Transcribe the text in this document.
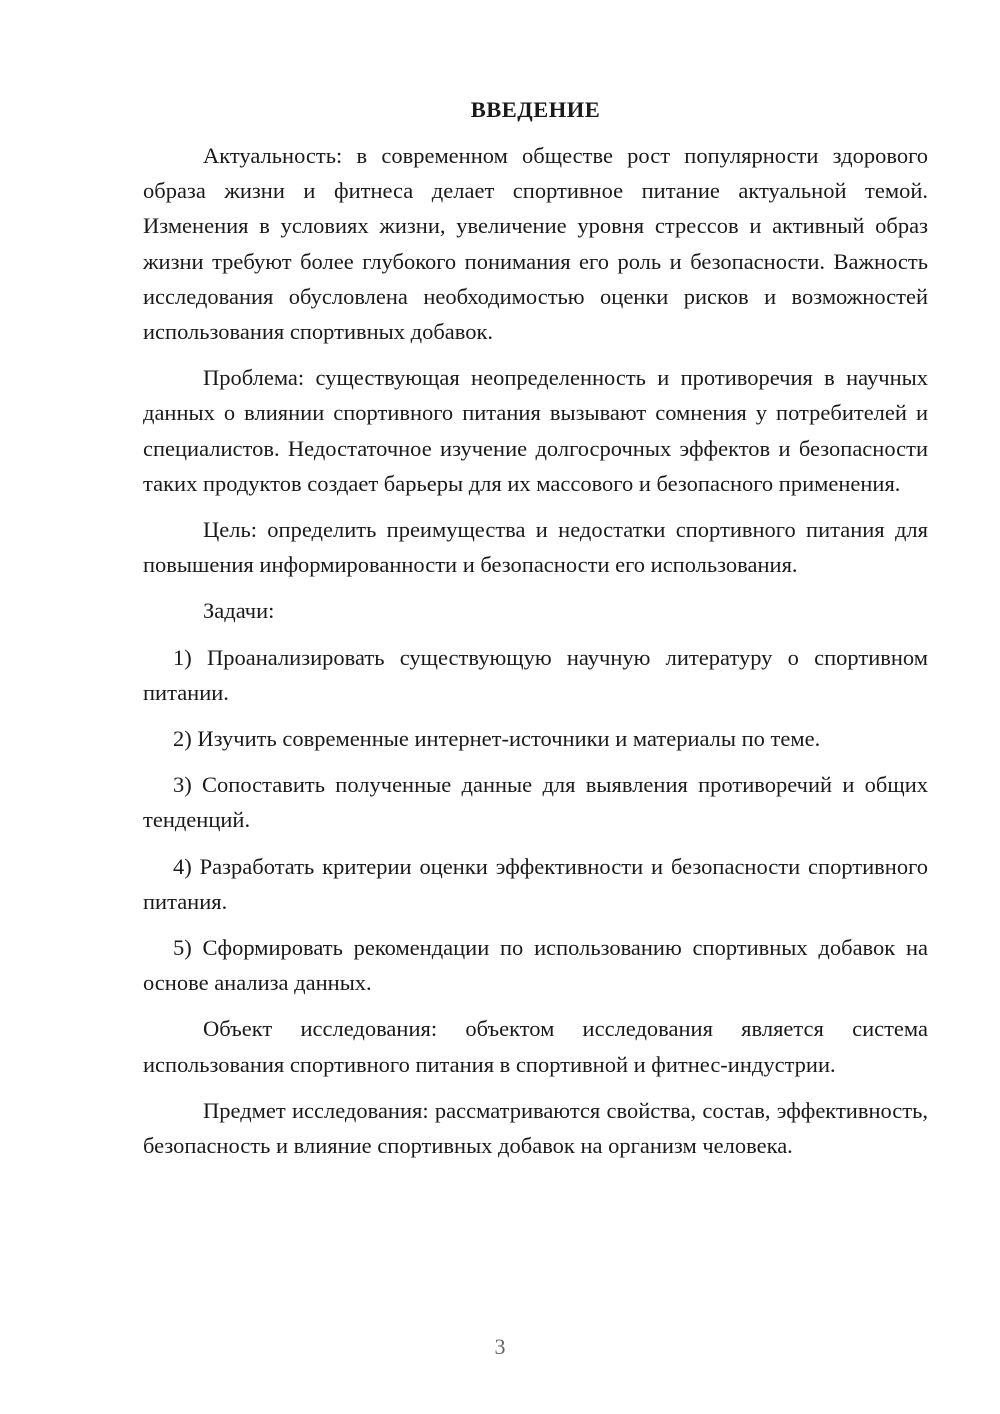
ВВЕДЕНИЕ

Актуальность: в современном обществе рост популярности здорового образа жизни и фитнеса делает спортивное питание актуальной темой. Изменения в условиях жизни, увеличение уровня стрессов и активный образ жизни требуют более глубокого понимания его роль и безопасности. Важность исследования обусловлена необходимостью оценки рисков и возможностей использования спортивных добавок.

Проблема: существующая неопределенность и противоречия в научных данных о влиянии спортивного питания вызывают сомнения у потребителей и специалистов. Недостаточное изучение долгосрочных эффектов и безопасности таких продуктов создает барьеры для их массового и безопасного применения.

Цель: определить преимущества и недостатки спортивного питания для повышения информированности и безопасности его использования.

Задачи:

1) Проанализировать существующую научную литературу о спортивном питании.

2) Изучить современные интернет-источники и материалы по теме.

3) Сопоставить полученные данные для выявления противоречий и общих тенденций.

4) Разработать критерии оценки эффективности и безопасности спортивного питания.

5) Сформировать рекомендации по использованию спортивных добавок на основе анализа данных.

Объект исследования: объектом исследования является система использования спортивного питания в спортивной и фитнес-индустрии.

Предмет исследования: рассматриваются свойства, состав, эффективность, безопасность и влияние спортивных добавок на организм человека.

3
